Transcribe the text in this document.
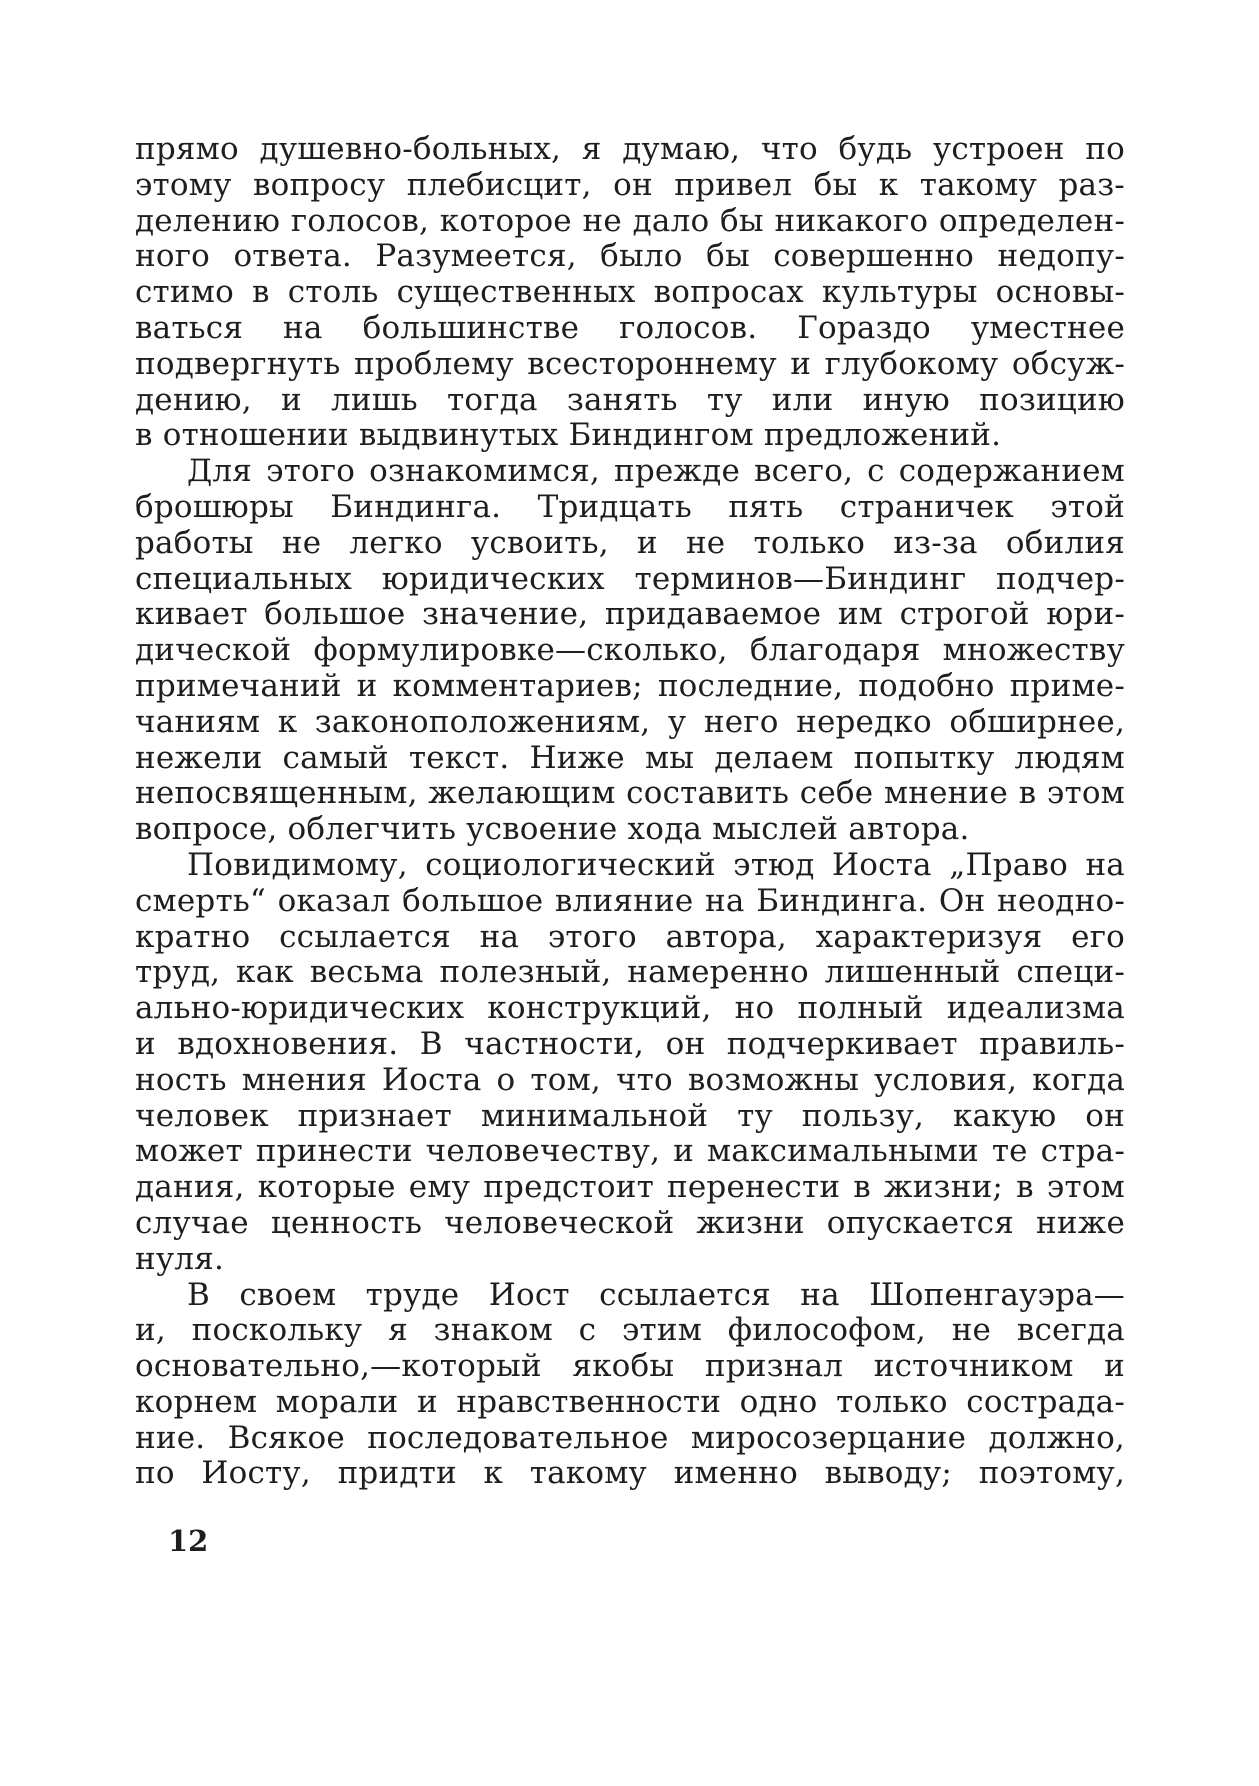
прямо душевно-больных, я думаю, что будь устроен по
этому вопросу плебисцит, он привел бы к такому раз-
делению голосов, которое не дало бы никакого определен-
ного ответа. Разумеется, было бы совершенно недопу-
стимо в столь существенных вопросах культуры основы-
ваться на большинстве голосов. Гораздо уместнее
подвергнуть проблему всестороннему и глубокому обсуж-
дению, и лишь тогда занять ту или иную позицию
в отношении выдвинутых Биндингом предложений.
Для этого ознакомимся, прежде всего, с содержанием
брошюры Биндинга. Тридцать пять страничек этой
работы не легко усвоить, и не только из-за обилия
специальных юридических терминов—Биндинг подчер-
кивает большое значение, придаваемое им строгой юри-
дической формулировке—сколько, благодаря множеству
примечаний и комментариев; последние, подобно приме-
чаниям к законоположениям, у него нередко обширнее,
нежели самый текст. Ниже мы делаем попытку людям
непосвященным, желающим составить себе мнение в этом
вопросе, облегчить усвоение хода мыслей автора.
Повидимому, социологический этюд Иоста „Право на
смерть“ оказал большое влияние на Биндинга. Он неодно-
кратно ссылается на этого автора, характеризуя его
труд, как весьма полезный, намеренно лишенный специ-
ально-юридических конструкций, но полный идеализма
и вдохновения. В частности, он подчеркивает правиль-
ность мнения Иоста о том, что возможны условия, когда
человек признает минимальной ту пользу, какую он
может принести человечеству, и максимальными те стра-
дания, которые ему предстоит перенести в жизни; в этом
случае ценность человеческой жизни опускается ниже
нуля.
В своем труде Иост ссылается на Шопенгауэра—
и, поскольку я знаком с этим философом, не всегда
основательно,—который якобы признал источником и
корнем морали и нравственности одно только сострада-
ние. Всякое последовательное миросозерцание должно,
по Иосту, придти к такому именно выводу; поэтому,
12
